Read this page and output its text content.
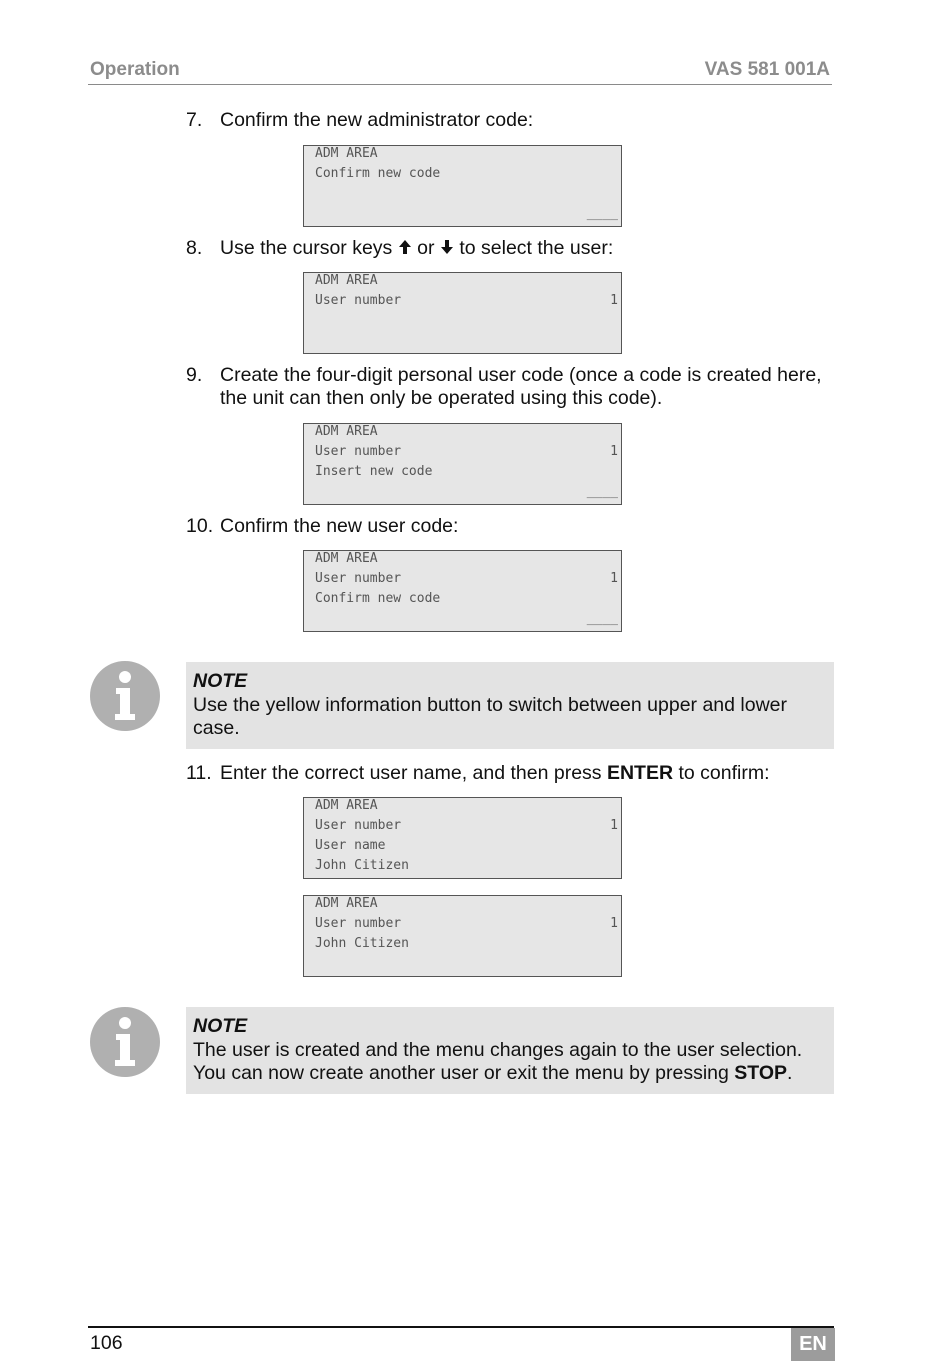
Operation	VAS 581 001A
7. Confirm the new administrator code:
ADM AREA
Confirm new code
____
8. Use the cursor keys  or  to select the user:
ADM AREA
User number	1
9. Create the four-digit personal user code (once a code is created here, the unit can then only be operated using this code).
ADM AREA
User number	1
Insert new code
____
10. Confirm the new user code:
ADM AREA
User number	1
Confirm new code
____
NOTE
Use the yellow information button to switch between upper and lower case.
11. Enter the correct user name, and then press ENTER to confirm:
ADM AREA
User number	1
User name
John Citizen
ADM AREA
User number	1
John Citizen
NOTE
The user is created and the menu changes again to the user selection. You can now create another user or exit the menu by pressing STOP.
106	EN
